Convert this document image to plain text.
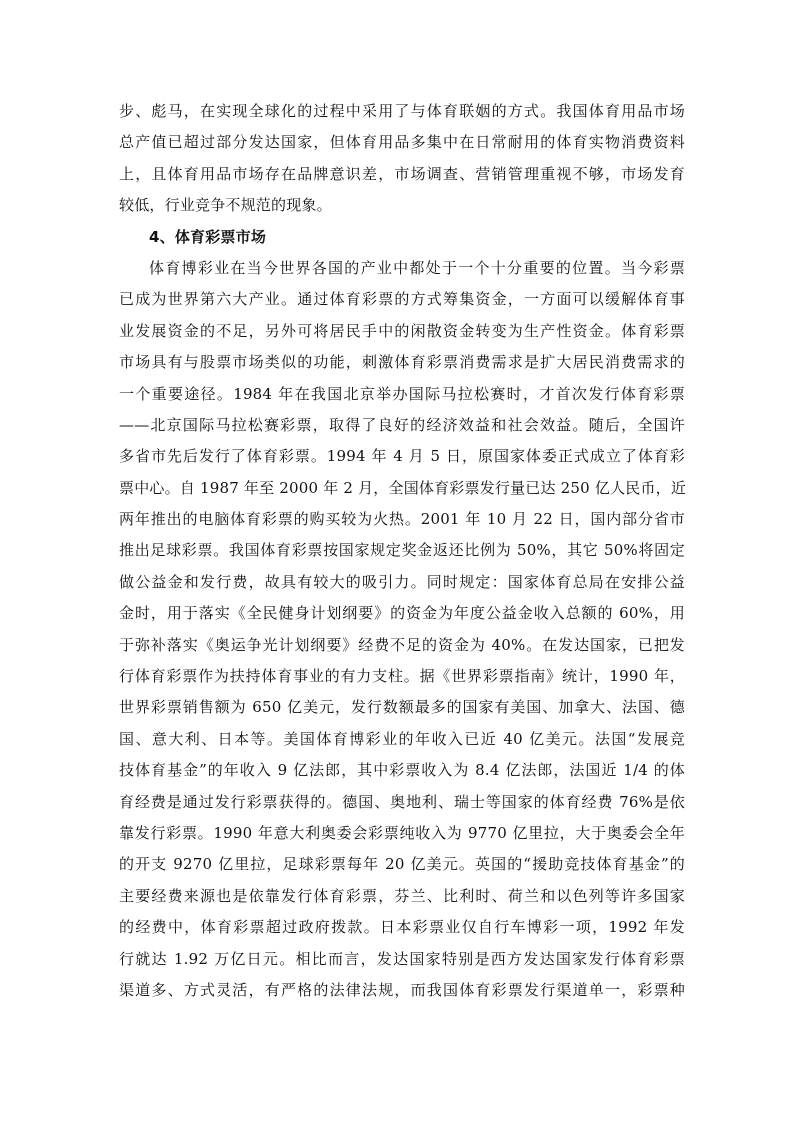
步、彪马，在实现全球化的过程中采用了与体育联姻的方式。我国体育用品市场
总产值已超过部分发达国家，但体育用品多集中在日常耐用的体育实物消费资料
上，且体育用品市场存在品牌意识差，市场调查、营销管理重视不够，市场发育
较低，行业竞争不规范的现象。
4、体育彩票市场
体育博彩业在当今世界各国的产业中都处于一个十分重要的位置。当今彩票
已成为世界第六大产业。通过体育彩票的方式筹集资金，一方面可以缓解体育事
业发展资金的不足，另外可将居民手中的闲散资金转变为生产性资金。体育彩票
市场具有与股票市场类似的功能，刺激体育彩票消费需求是扩大居民消费需求的
一个重要途径。1984 年在我国北京举办国际马拉松赛时，才首次发行体育彩票
——北京国际马拉松赛彩票，取得了良好的经济效益和社会效益。随后，全国许
多省市先后发行了体育彩票。1994 年 4 月 5 日，原国家体委正式成立了体育彩
票中心。自 1987 年至 2000 年 2 月，全国体育彩票发行量已达 250 亿人民币，近
两年推出的电脑体育彩票的购买较为火热。2001 年 10 月 22 日，国内部分省市
推出足球彩票。我国体育彩票按国家规定奖金返还比例为 50%，其它 50%将固定
做公益金和发行费，故具有较大的吸引力。同时规定：国家体育总局在安排公益
金时，用于落实《全民健身计划纲要》的资金为年度公益金收入总额的 60%，用
于弥补落实《奥运争光计划纲要》经费不足的资金为 40%。在发达国家，已把发
行体育彩票作为扶持体育事业的有力支柱。据《世界彩票指南》统计，1990 年，
世界彩票销售额为 650 亿美元，发行数额最多的国家有美国、加拿大、法国、德
国、意大利、日本等。美国体育博彩业的年收入已近 40 亿美元。法国“发展竞
技体育基金”的年收入 9 亿法郎，其中彩票收入为 8.4 亿法郎，法国近 1/4 的体
育经费是通过发行彩票获得的。德国、奥地利、瑞士等国家的体育经费 76%是依
靠发行彩票。1990 年意大利奥委会彩票纯收入为 9770 亿里拉，大于奥委会全年
的开支 9270 亿里拉，足球彩票每年 20 亿美元。英国的“援助竞技体育基金”的
主要经费来源也是依靠发行体育彩票，芬兰、比利时、荷兰和以色列等许多国家
的经费中，体育彩票超过政府拨款。日本彩票业仅自行车博彩一项，1992 年发
行就达 1.92 万亿日元。相比而言，发达国家特别是西方发达国家发行体育彩票
渠道多、方式灵活，有严格的法律法规，而我国体育彩票发行渠道单一，彩票种
